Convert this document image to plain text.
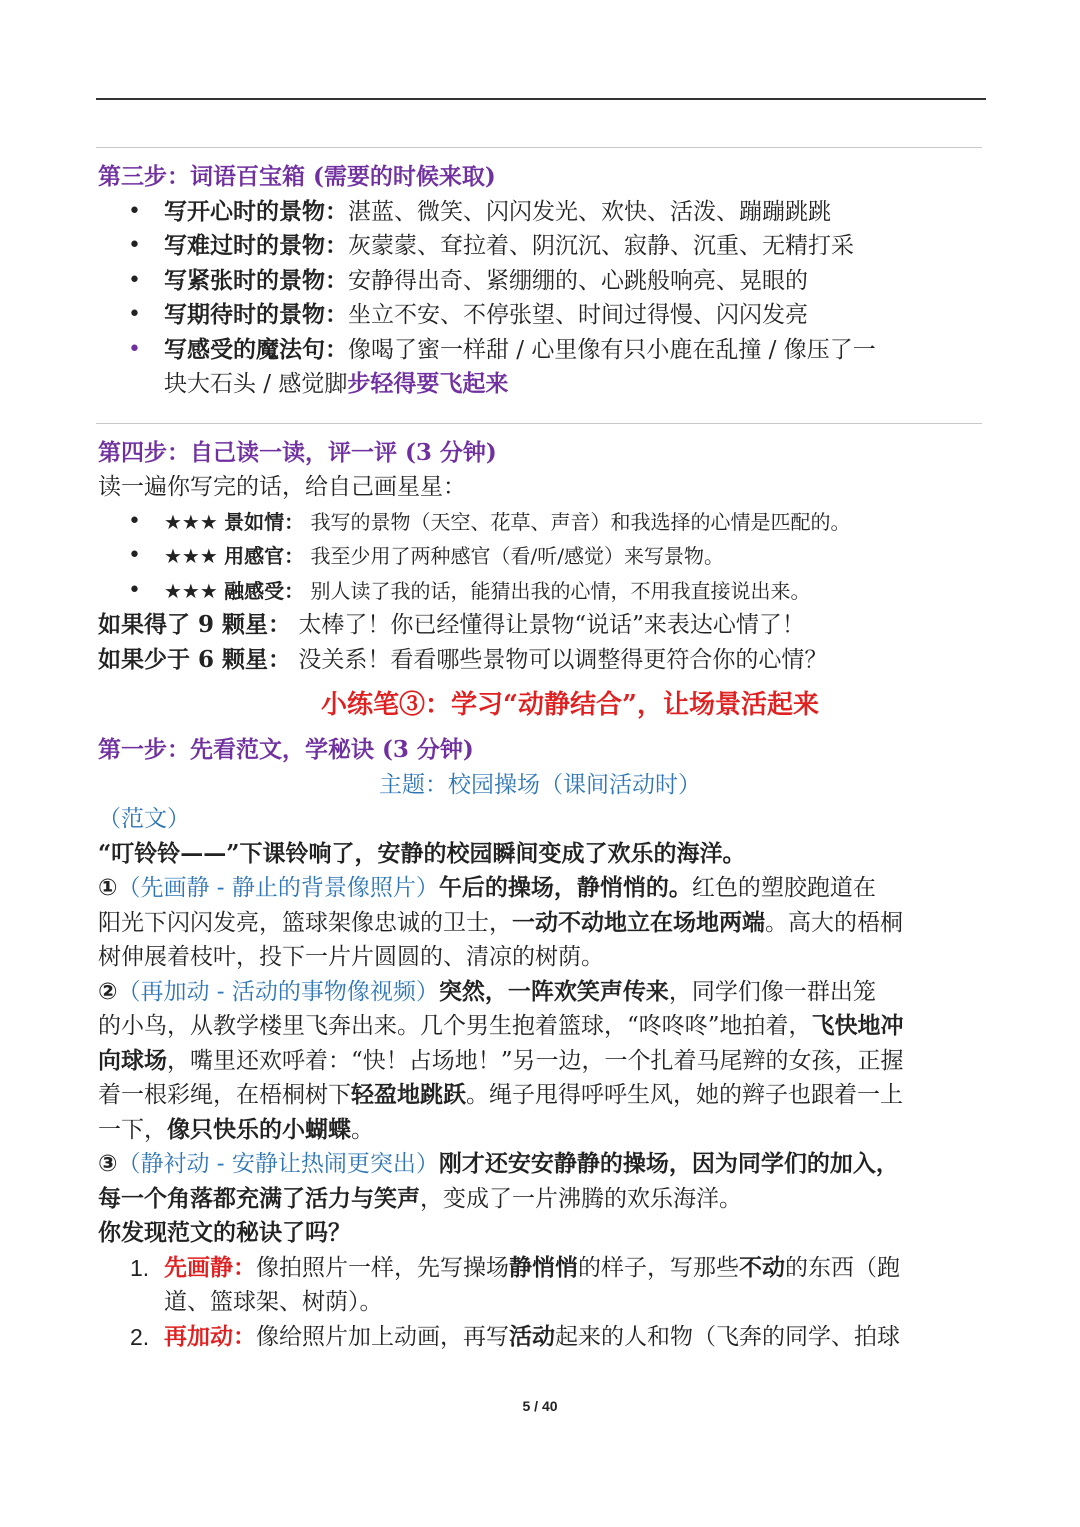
第三步：词语百宝箱 (需要的时候来取)
• 写开心时的景物：湛蓝、微笑、闪闪发光、欢快、活泼、蹦蹦跳跳
• 写难过时的景物：灰蒙蒙、耷拉着、阴沉沉、寂静、沉重、无精打采
• 写紧张时的景物：安静得出奇、紧绷绷的、心跳般响亮、晃眼的
• 写期待时的景物：坐立不安、不停张望、时间过得慢、闪闪发亮
• 写感受的魔法句：像喝了蜜一样甜 / 心里像有只小鹿在乱撞 / 像压了一
块大石头 / 感觉脚步轻得要飞起来
第四步：自己读一读，评一评 (3 分钟)
读一遍你写完的话，给自己画星星：
• ★★★ 景如情： 我写的景物（天空、花草、声音）和我选择的心情是匹配的。
• ★★★ 用感官： 我至少用了两种感官（看/听/感觉）来写景物。
• ★★★ 融感受： 别人读了我的话，能猜出我的心情，不用我直接说出来。
如果得了 9 颗星： 太棒了！你已经懂得让景物“说话”来表达心情了！
如果少于 6 颗星： 没关系！看看哪些景物可以调整得更符合你的心情？
小练笔③：学习“动静结合”，让场景活起来
第一步：先看范文，学秘诀 (3 分钟)
主题：校园操场（课间活动时）
（范文）
“叮铃铃——”下课铃响了，安静的校园瞬间变成了欢乐的海洋。
①（先画静 - 静止的背景像照片）午后的操场，静悄悄的。红色的塑胶跑道在
阳光下闪闪发亮，篮球架像忠诚的卫士，一动不动地立在场地两端。高大的梧桐
树伸展着枝叶，投下一片片圆圆的、清凉的树荫。
②（再加动 - 活动的事物像视频）突然，一阵欢笑声传来，同学们像一群出笼
的小鸟，从教学楼里飞奔出来。几个男生抱着篮球，“咚咚咚”地拍着，飞快地冲
向球场，嘴里还欢呼着：“快！占场地！”另一边，一个扎着马尾辫的女孩，正握
着一根彩绳，在梧桐树下轻盈地跳跃。绳子甩得呼呼生风，她的辫子也跟着一上
一下，像只快乐的小蝴蝶。
③（静衬动 - 安静让热闹更突出）刚才还安安静静的操场，因为同学们的加入，
每一个角落都充满了活力与笑声，变成了一片沸腾的欢乐海洋。
你发现范文的秘诀了吗？
1. 先画静：像拍照片一样，先写操场静悄悄的样子，写那些不动的东西（跑
道、篮球架、树荫）。
2. 再加动：像给照片加上动画，再写活动起来的人和物（飞奔的同学、拍球
5 / 40
